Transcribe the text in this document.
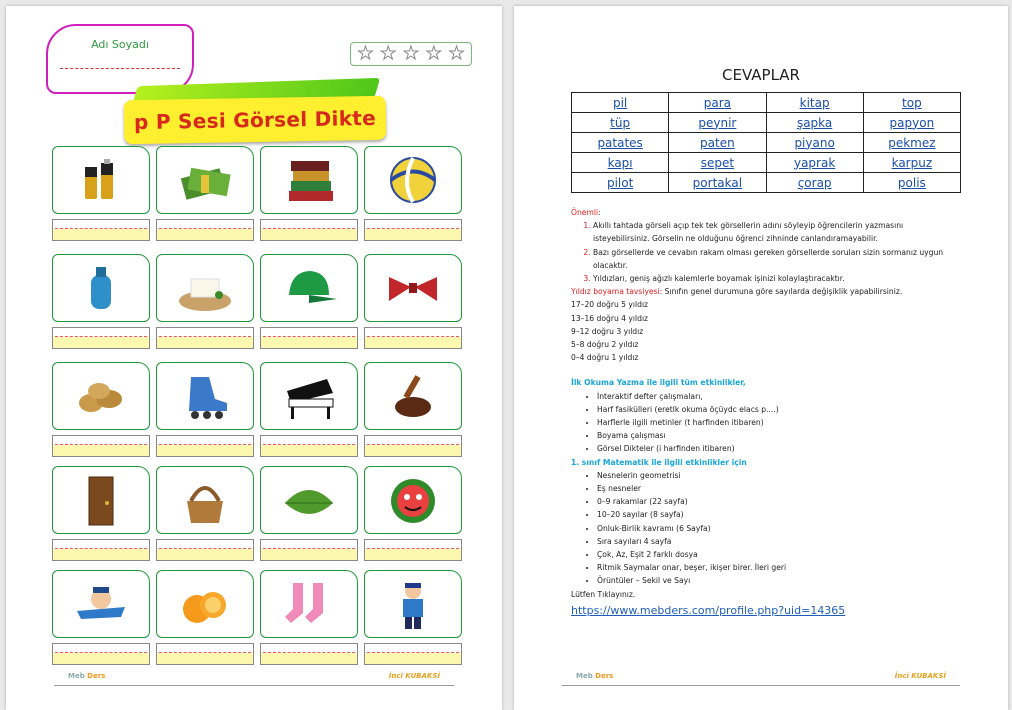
Adı Soyadı	★ ★ ★ ★ ★
p P Sesi Görsel Dikte
Meb Ders	İnci KUBAKSİ
CEVAPLAR
pil	para	kitap	top
tüp	peynir	şapka	papyon
patates	paten	piyano	pekmez
kapı	sepet	yaprak	karpuz
pilot	portakal	çorap	polis
Önemli:
1. Akıllı tahtada görseli açıp tek tek görsellerin adını söyleyip öğrencilerin yazmasını isteyebilirsiniz. Görselin ne olduğunu öğrenci zihninde canlandıramayabilir.
2. Bazı görsellerde ve cevabın rakam olması gereken görsellerde soruları sizin sormanız uygun olacaktır.
3. Yıldızları, geniş ağızlı kalemlerle boyamak işinizi kolaylaştıracaktır.
Yıldız boyama tavsiyesi: Sınıfın genel durumuna göre sayılarda değişiklik yapabilirsiniz.
17–20 doğru 5 yıldız
13–16 doğru 4 yıldız
9–12 doğru 3 yıldız
5–8 doğru 2 yıldız
0–4 doğru 1 yıldız
İlk Okuma Yazma ile ilgili tüm etkinlikler,
• İnteraktif defter çalışmaları,
• Harf fasikülleri (eretlk okuma öçüydc elacs p....)
• Harflerle ilgili metinler (t harfinden itibaren)
• Boyama çalışması
• Görsel Dikteler (i harfinden itibaren)
1. sınıf Matematik ile ilgili etkinlikler için
• Nesnelerin geometrisi
• Eş nesneler
• 0–9 rakamlar (22 sayfa)
• 10–20 sayılar (8 sayfa)
• Onluk-Birlik kavramı (6 Sayfa)
• Sıra sayıları 4 sayfa
• Çok, Az, Eşit 2 farklı dosya
• Ritmik Saymalar onar, beşer, ikişer birer. İleri geri
• Örüntüler – Sekil ve Sayı
Lütfen Tıklayınız.
https://www.mebders.com/profile.php?uid=14365
Meb Ders	İnci KUBAKSİ
